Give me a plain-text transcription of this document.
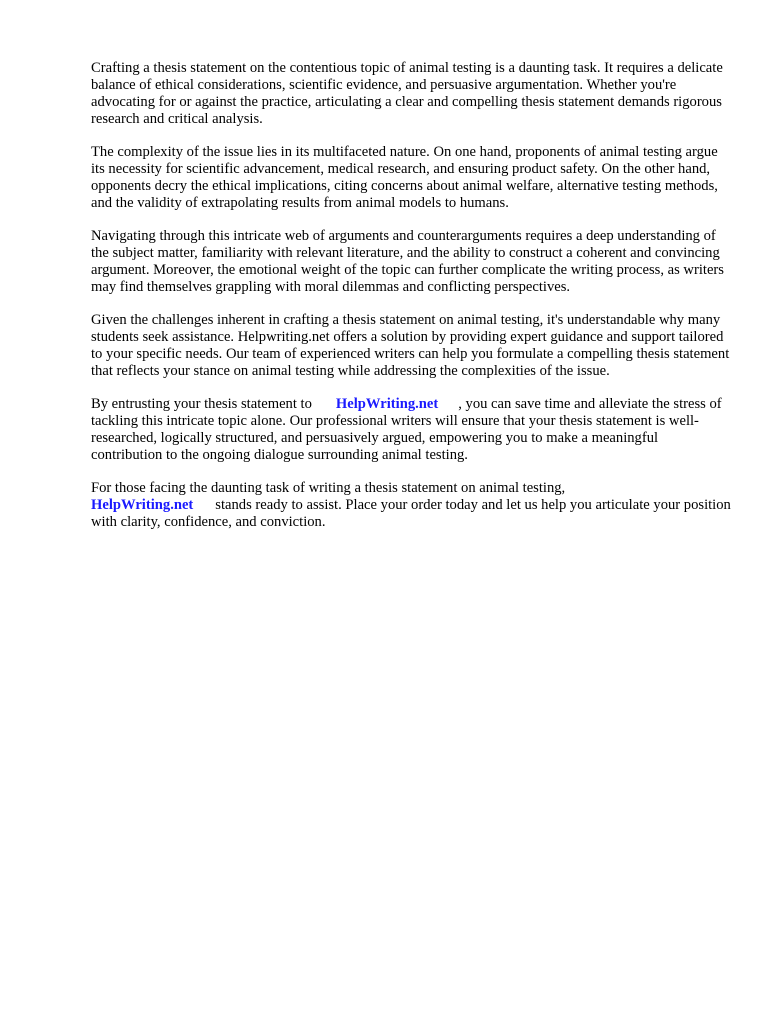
Crafting a thesis statement on the contentious topic of animal testing is a daunting task. It requires a delicate balance of ethical considerations, scientific evidence, and persuasive argumentation. Whether you're advocating for or against the practice, articulating a clear and compelling thesis statement demands rigorous research and critical analysis.

The complexity of the issue lies in its multifaceted nature. On one hand, proponents of animal testing argue its necessity for scientific advancement, medical research, and ensuring product safety. On the other hand, opponents decry the ethical implications, citing concerns about animal welfare, alternative testing methods, and the validity of extrapolating results from animal models to humans.

Navigating through this intricate web of arguments and counterarguments requires a deep understanding of the subject matter, familiarity with relevant literature, and the ability to construct a coherent and convincing argument. Moreover, the emotional weight of the topic can further complicate the writing process, as writers may find themselves grappling with moral dilemmas and conflicting perspectives.

Given the challenges inherent in crafting a thesis statement on animal testing, it's understandable why many students seek assistance. Helpwriting.net offers a solution by providing expert guidance and support tailored to your specific needs. Our team of experienced writers can help you formulate a compelling thesis statement that reflects your stance on animal testing while addressing the complexities of the issue.

By entrusting your thesis statement to HelpWriting.net , you can save time and alleviate the stress of tackling this intricate topic alone. Our professional writers will ensure that your thesis statement is well-researched, logically structured, and persuasively argued, empowering you to make a meaningful contribution to the ongoing dialogue surrounding animal testing.

For those facing the daunting task of writing a thesis statement on animal testing,
HelpWriting.net stands ready to assist. Place your order today and let us help you articulate your position with clarity, confidence, and conviction.
